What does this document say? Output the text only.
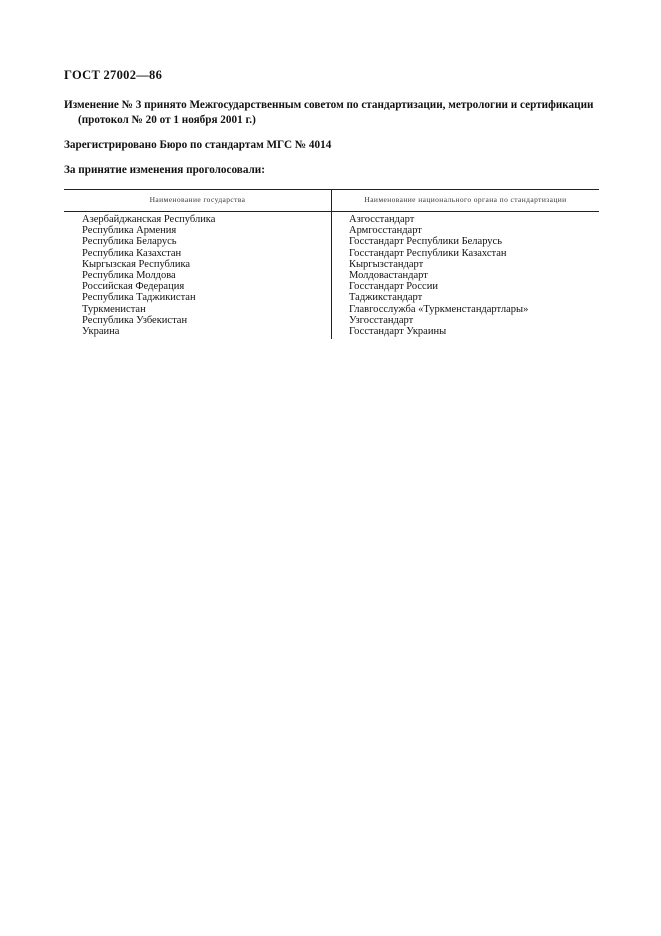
ГОСТ 27002—86
Изменение № 3 принято Межгосударственным советом по стандартизации, метрологии и сертификации
(протокол № 20 от 1 ноября 2001 г.)
Зарегистрировано Бюро по стандартам МГС № 4014
За принятие изменения проголосовали:
Наименование государства	Наименование национального органа по стандартизации
Азербайджанская Республика
Республика Армения
Республика Беларусь
Республика Казахстан
Кыргызская Республика
Республика Молдова
Российская Федерация
Республика Таджикистан
Туркменистан
Республика Узбекистан
Украина
Азгосстандарт
Армгосстандарт
Госстандарт Республики Беларусь
Госстандарт Республики Казахстан
Кыргызстандарт
Молдовастандарт
Госстандарт России
Таджикстандарт
Главгосслужба «Туркменстандартлары»
Узгосстандарт
Госстандарт Украины
